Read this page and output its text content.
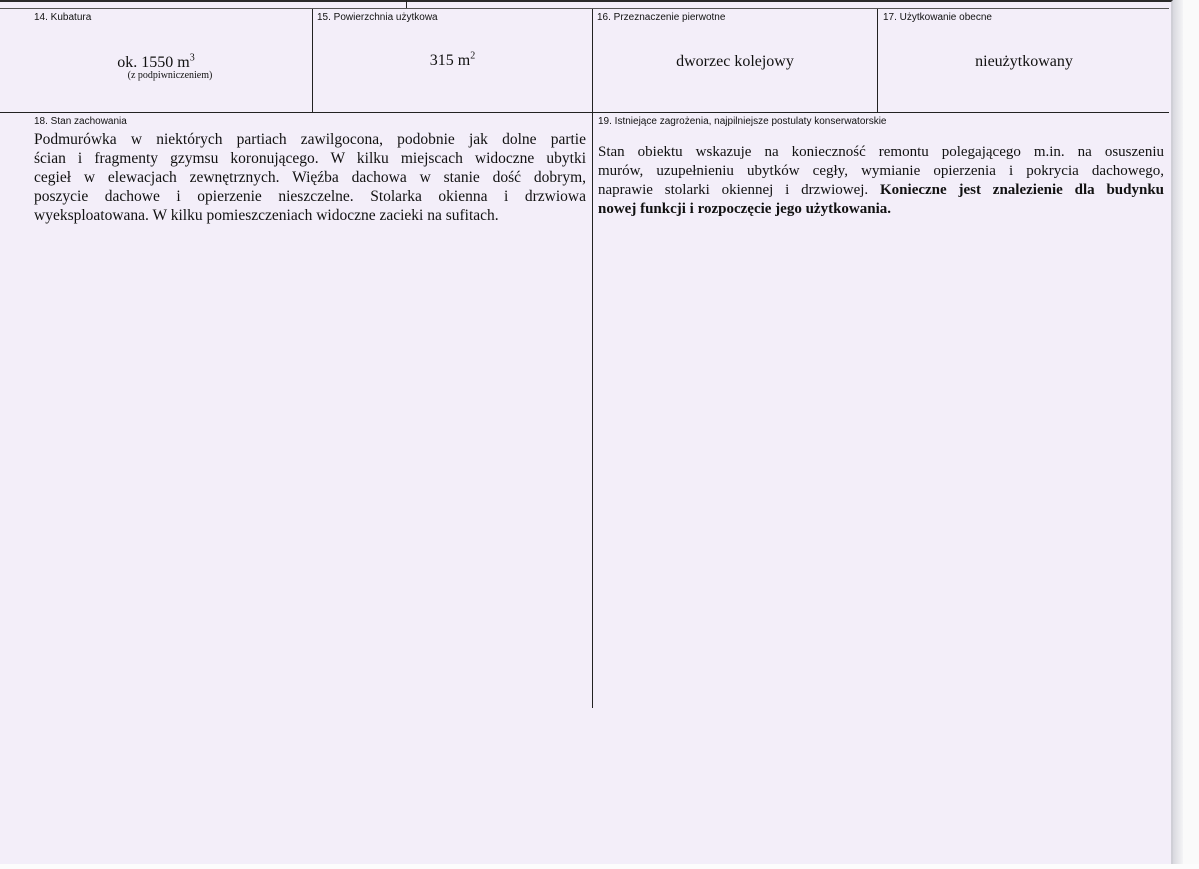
14. Kubatura
ok. 1550 $m^3$
(z podpiwniczeniem)
15. Powierzchnia użytkowa
315 $m^2$
16. Przeznaczenie pierwotne
dworzec kolejowy
17. Użytkowanie obecne
nieużytkowany
18. Stan zachowania
Podmurówka w niektórych partiach zawilgocona, podobnie jak dolne partie
ścian i fragmenty gzymsu koronującego. W kilku miejscach widoczne ubytki
cegieł w elewacjach zewnętrznych. Więźba dachowa w stanie dość dobrym,
poszycie dachowe i opierzenie nieszczelne. Stolarka okienna i drzwiowa
wyeksploatowana. W kilku pomieszczeniach widoczne zacieki na sufitach.
19. Istniejące zagrożenia, najpilniejsze postulaty konserwatorskie
Stan obiektu wskazuje na konieczność remontu polegającego m.in. na osuszeniu
murów, uzupełnieniu ubytków cegły, wymianie opierzenia i pokrycia dachowego,
naprawie stolarki okiennej i drzwiowej. Konieczne jest znalezienie dla budynku
nowej funkcji i rozpoczęcie jego użytkowania.
